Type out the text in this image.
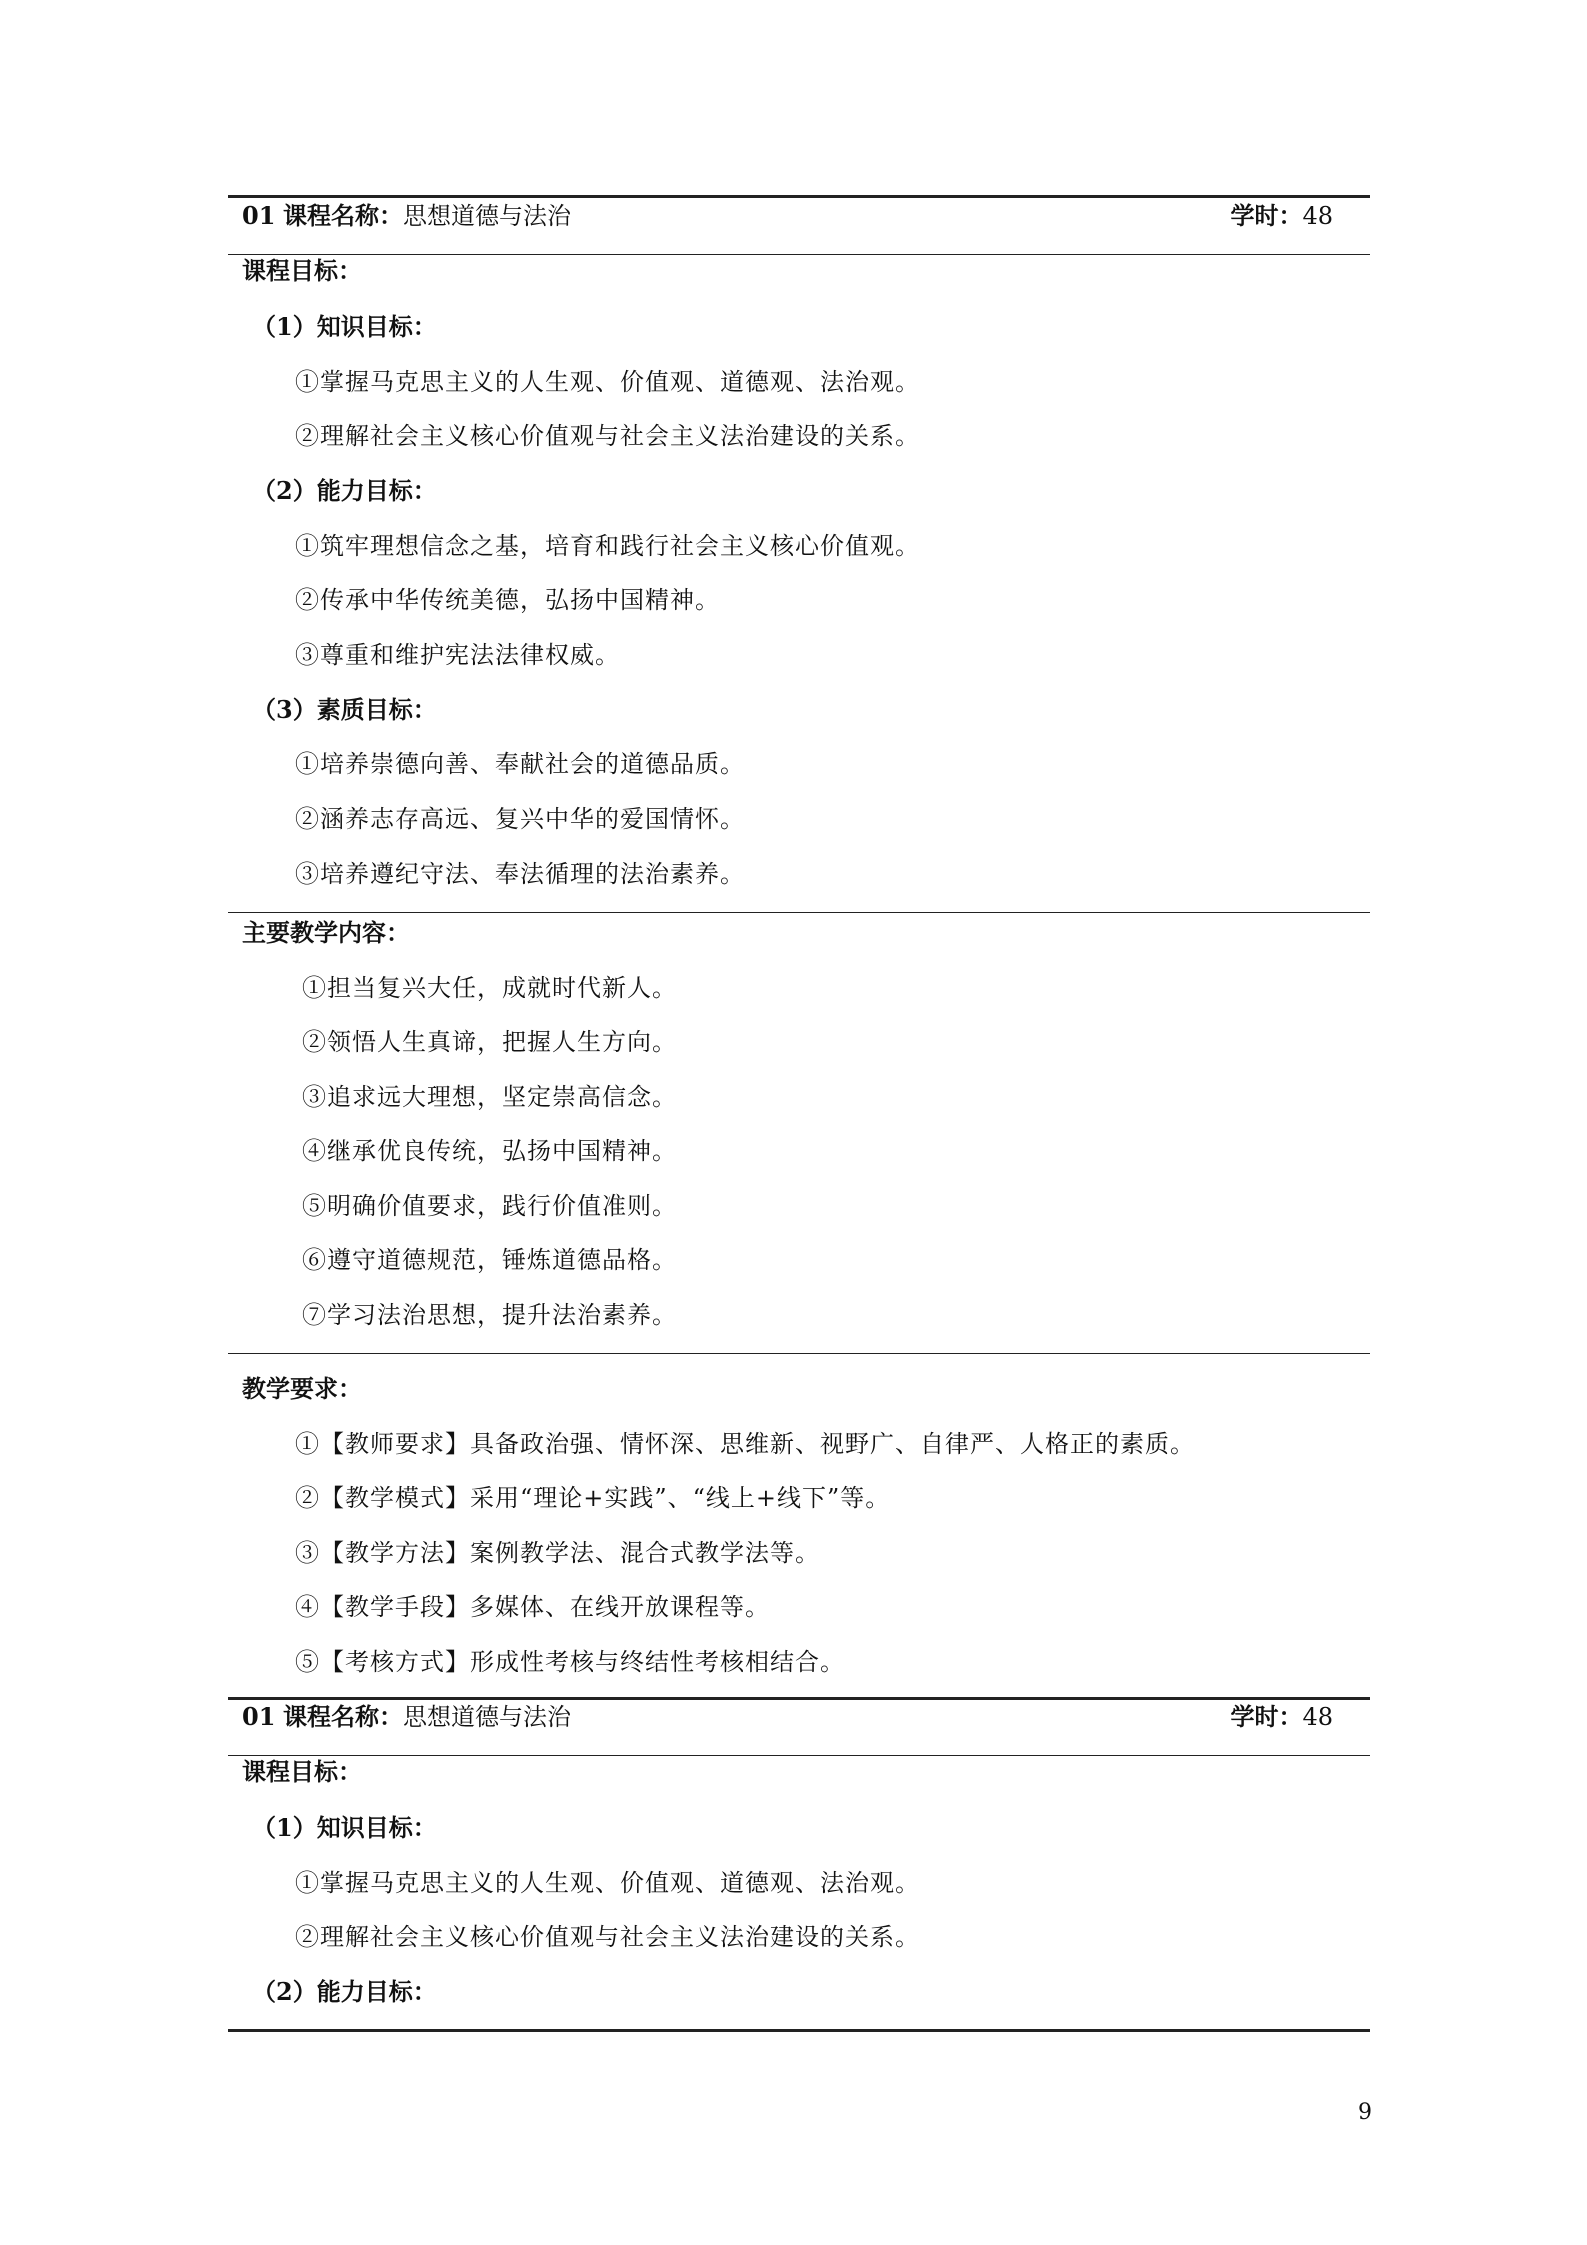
01 课程名称：思想道德与法治	学时：48
课程目标：
（1）知识目标：
①掌握马克思主义的人生观、价值观、道德观、法治观。
②理解社会主义核心价值观与社会主义法治建设的关系。
（2）能力目标：
①筑牢理想信念之基，培育和践行社会主义核心价值观。
②传承中华传统美德，弘扬中国精神。
③尊重和维护宪法法律权威。
（3）素质目标：
①培养崇德向善、奉献社会的道德品质。
②涵养志存高远、复兴中华的爱国情怀。
③培养遵纪守法、奉法循理的法治素养。
主要教学内容：
①担当复兴大任，成就时代新人。
②领悟人生真谛，把握人生方向。
③追求远大理想，坚定崇高信念。
④继承优良传统，弘扬中国精神。
⑤明确价值要求，践行价值准则。
⑥遵守道德规范，锤炼道德品格。
⑦学习法治思想，提升法治素养。
教学要求：
①【教师要求】具备政治强、情怀深、思维新、视野广、自律严、人格正的素质。
②【教学模式】采用“理论+实践”、“线上+线下”等。
③【教学方法】案例教学法、混合式教学法等。
④【教学手段】多媒体、在线开放课程等。
⑤【考核方式】形成性考核与终结性考核相结合。
01 课程名称：思想道德与法治	学时：48
课程目标：
（1）知识目标：
①掌握马克思主义的人生观、价值观、道德观、法治观。
②理解社会主义核心价值观与社会主义法治建设的关系。
（2）能力目标：
9
